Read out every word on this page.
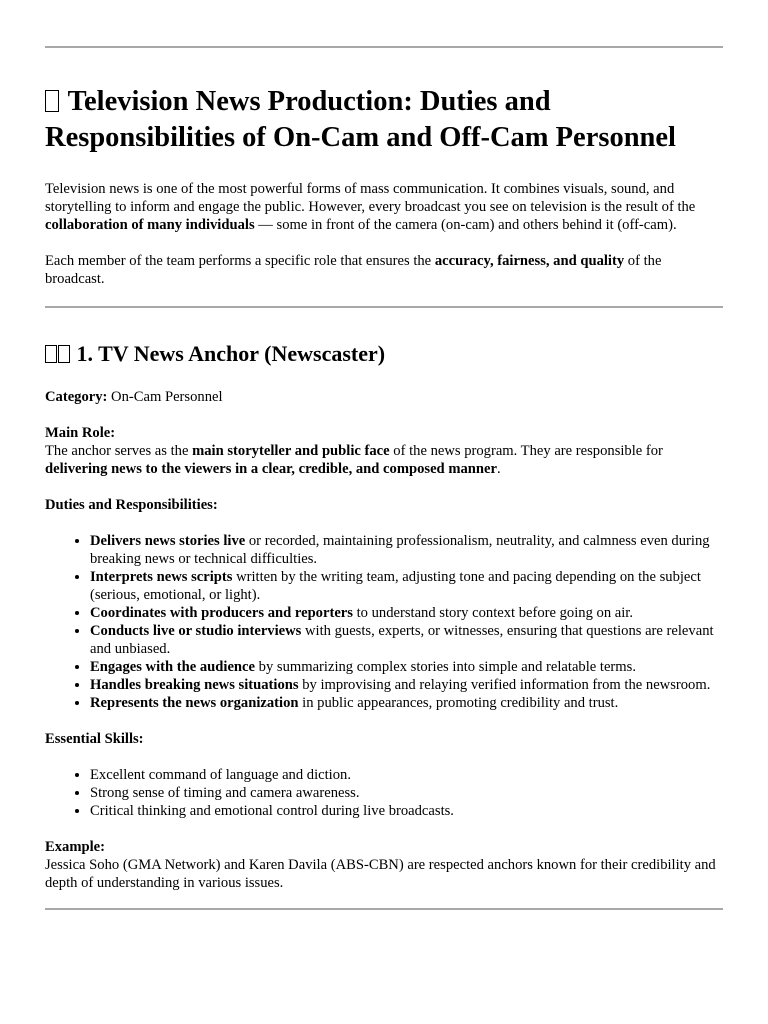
Television News Production: Duties and Responsibilities of On-Cam and Off-Cam Personnel

Television news is one of the most powerful forms of mass communication. It combines visuals, sound, and storytelling to inform and engage the public. However, every broadcast you see on television is the result of the collaboration of many individuals — some in front of the camera (on-cam) and others behind it (off-cam).

Each member of the team performs a specific role that ensures the accuracy, fairness, and quality of the broadcast.

1. TV News Anchor (Newscaster)

Category: On-Cam Personnel

Main Role:
The anchor serves as the main storyteller and public face of the news program. They are responsible for delivering news to the viewers in a clear, credible, and composed manner.

Duties and Responsibilities:

• Delivers news stories live or recorded, maintaining professionalism, neutrality, and calmness even during breaking news or technical difficulties.
• Interprets news scripts written by the writing team, adjusting tone and pacing depending on the subject (serious, emotional, or light).
• Coordinates with producers and reporters to understand story context before going on air.
• Conducts live or studio interviews with guests, experts, or witnesses, ensuring that questions are relevant and unbiased.
• Engages with the audience by summarizing complex stories into simple and relatable terms.
• Handles breaking news situations by improvising and relaying verified information from the newsroom.
• Represents the news organization in public appearances, promoting credibility and trust.

Essential Skills:

• Excellent command of language and diction.
• Strong sense of timing and camera awareness.
• Critical thinking and emotional control during live broadcasts.

Example:
Jessica Soho (GMA Network) and Karen Davila (ABS-CBN) are respected anchors known for their credibility and depth of understanding in various issues.
